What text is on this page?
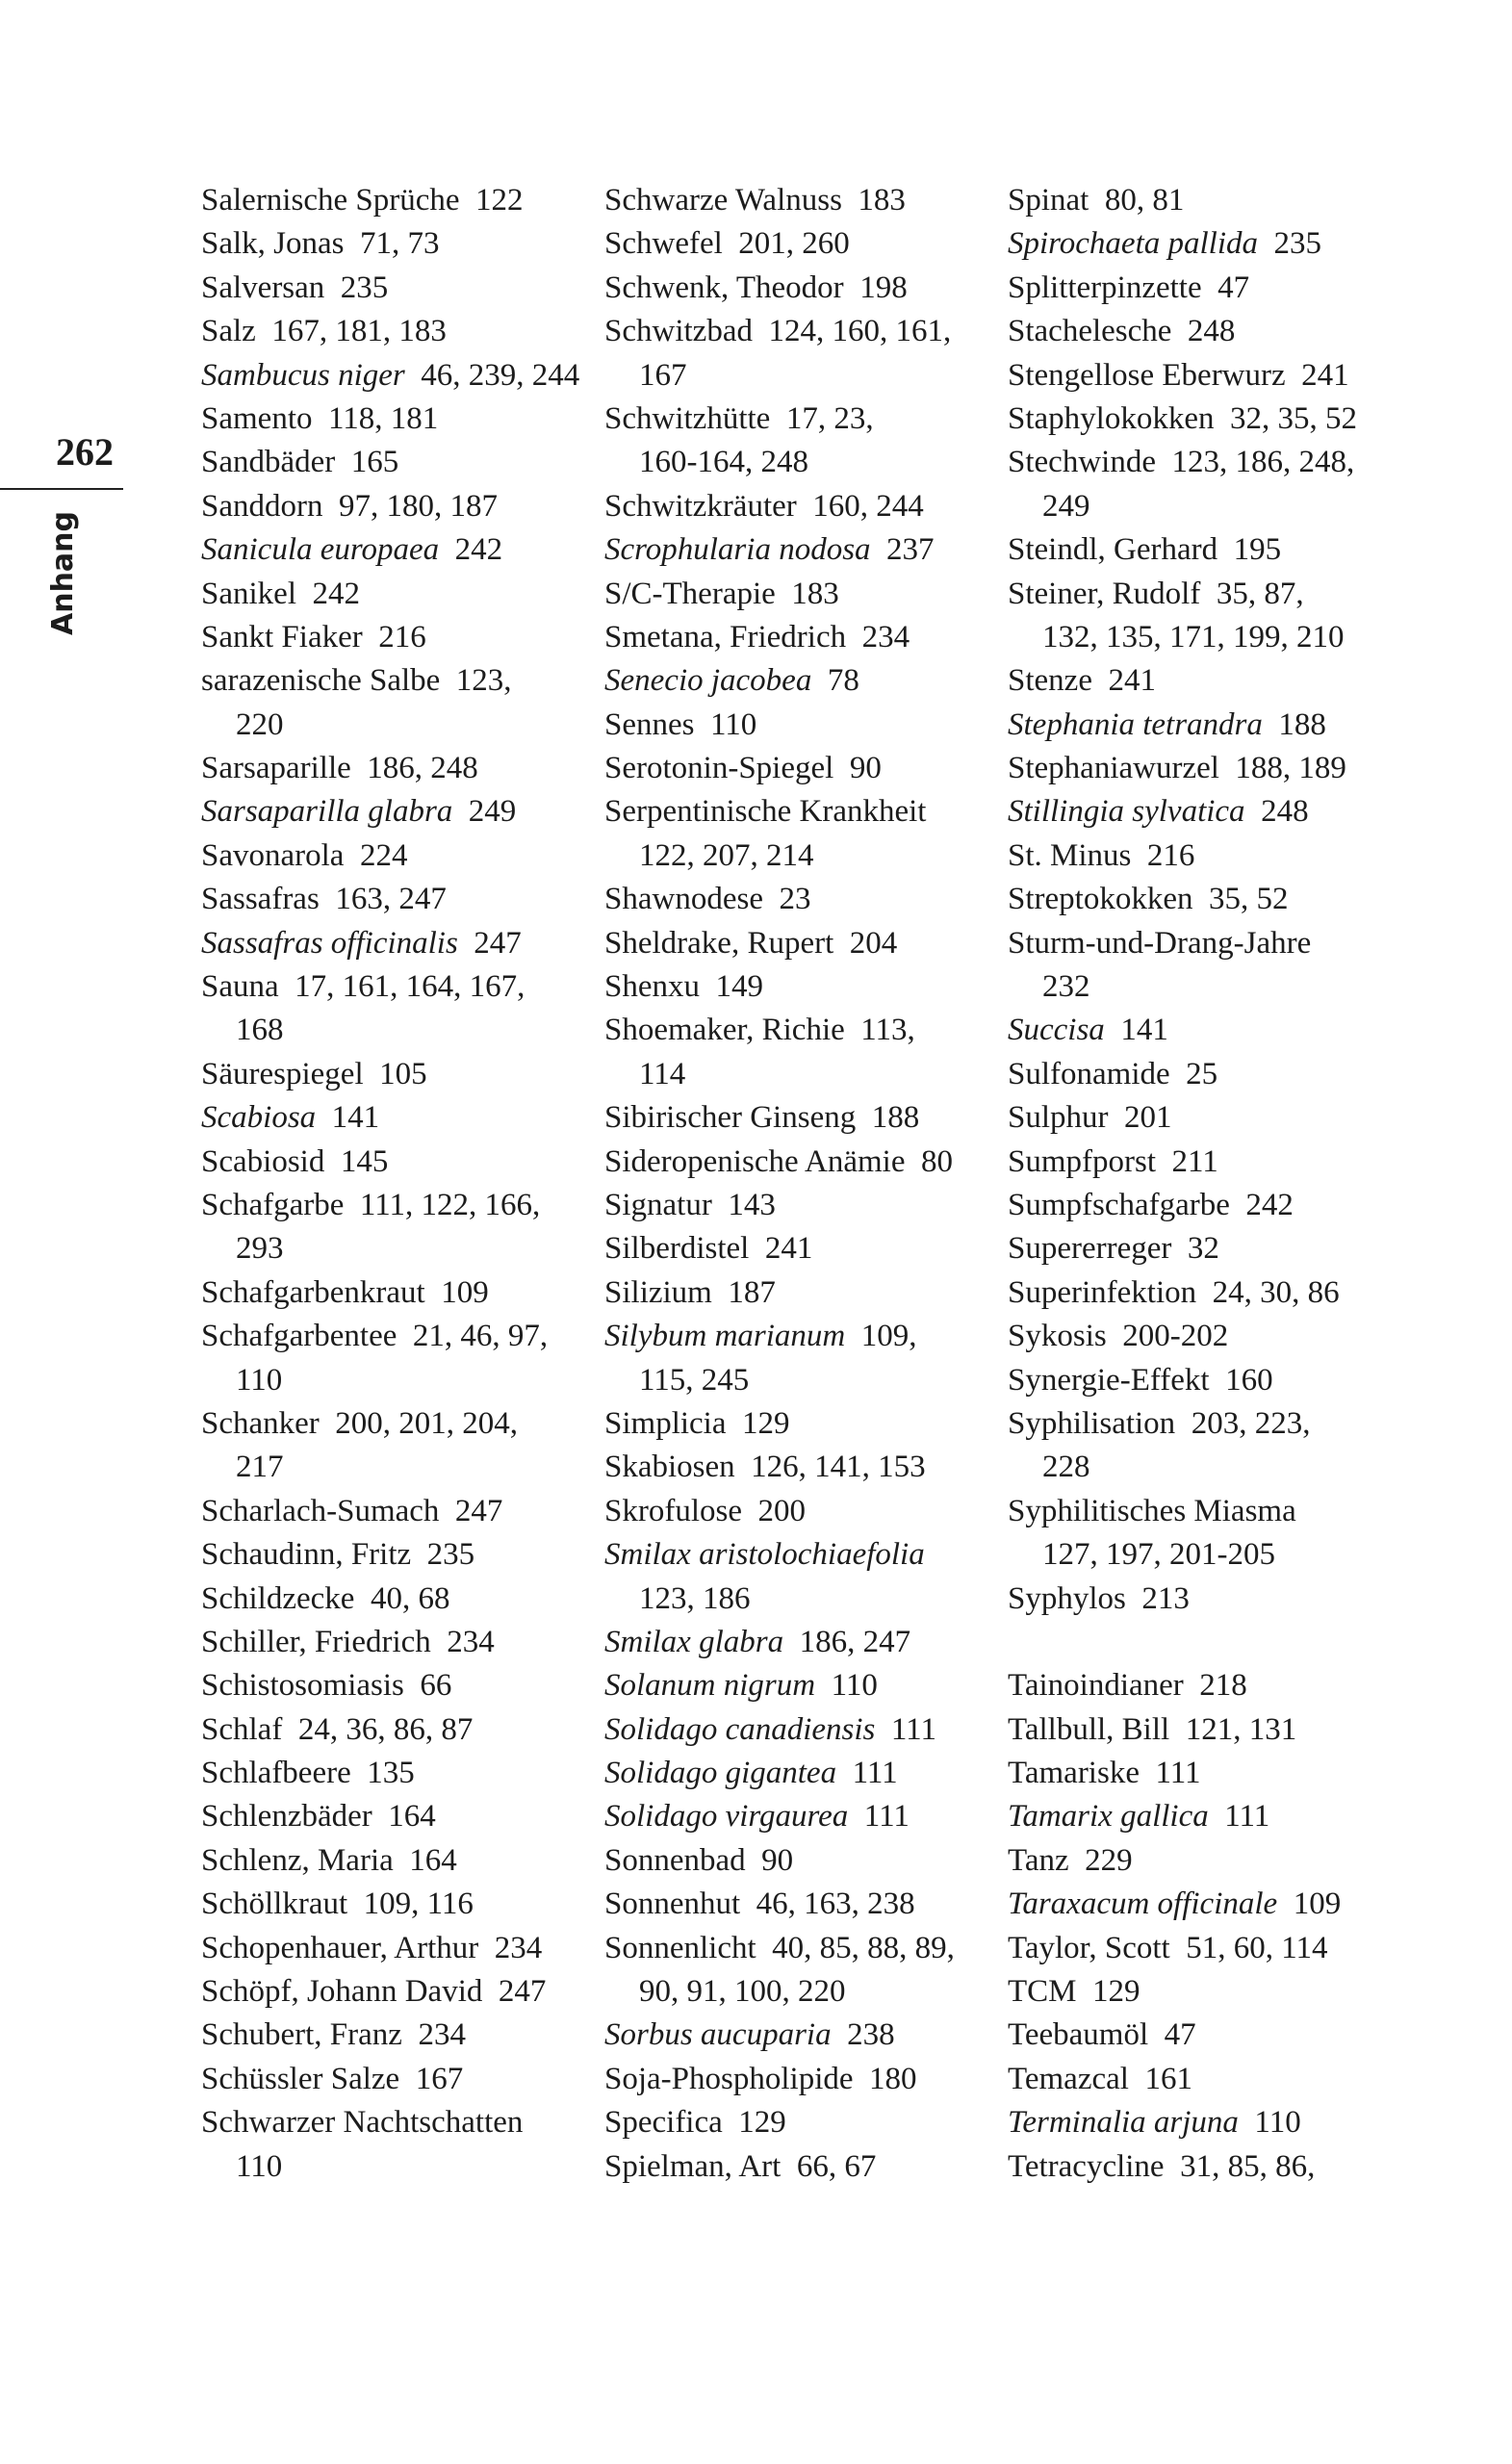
262
Anhang
Salernische Sprüche  122
Salk, Jonas  71, 73
Salversan  235
Salz  167, 181, 183
Sambucus niger  46, 239, 244
Samento  118, 181
Sandbäder  165
Sanddorn  97, 180, 187
Sanicula europaea  242
Sanikel  242
Sankt Fiaker  216
sarazenische Salbe  123,
220
Sarsaparille  186, 248
Sarsaparilla glabra  249
Savonarola  224
Sassafras  163, 247
Sassafras officinalis  247
Sauna  17, 161, 164, 167,
168
Säurespiegel  105
Scabiosa  141
Scabiosid  145
Schafgarbe  111, 122, 166,
293
Schafgarbenkraut  109
Schafgarbentee  21, 46, 97,
110
Schanker  200, 201, 204,
217
Scharlach-Sumach  247
Schaudinn, Fritz  235
Schildzecke  40, 68
Schiller, Friedrich  234
Schistosomiasis  66
Schlaf  24, 36, 86, 87
Schlafbeere  135
Schlenzbäder  164
Schlenz, Maria  164
Schöllkraut  109, 116
Schopenhauer, Arthur  234
Schöpf, Johann David  247
Schubert, Franz  234
Schüssler Salze  167
Schwarzer Nachtschatten
110
Schwarze Walnuss  183
Schwefel  201, 260
Schwenk, Theodor  198
Schwitzbad  124, 160, 161,
167
Schwitzhütte  17, 23,
160-164, 248
Schwitzkräuter  160, 244
Scrophularia nodosa  237
S/C-Therapie  183
Smetana, Friedrich  234
Senecio jacobea  78
Sennes  110
Serotonin-Spiegel  90
Serpentinische Krankheit
122, 207, 214
Shawnodese  23
Sheldrake, Rupert  204
Shenxu  149
Shoemaker, Richie  113,
114
Sibirischer Ginseng  188
Sideropenische Anämie  80
Signatur  143
Silberdistel  241
Silizium  187
Silybum marianum  109,
115, 245
Simplicia  129
Skabiosen  126, 141, 153
Skrofulose  200
Smilax aristolochiaefolia
123, 186
Smilax glabra  186, 247
Solanum nigrum  110
Solidago canadiensis  111
Solidago gigantea  111
Solidago virgaurea  111
Sonnenbad  90
Sonnenhut  46, 163, 238
Sonnenlicht  40, 85, 88, 89,
90, 91, 100, 220
Sorbus aucuparia  238
Soja-Phospholipide  180
Specifica  129
Spielman, Art  66, 67
Spinat  80, 81
Spirochaeta pallida  235
Splitterpinzette  47
Stachelesche  248
Stengellose Eberwurz  241
Staphylokokken  32, 35, 52
Stechwinde  123, 186, 248,
249
Steindl, Gerhard  195
Steiner, Rudolf  35, 87,
132, 135, 171, 199, 210
Stenze  241
Stephania tetrandra  188
Stephaniawurzel  188, 189
Stillingia sylvatica  248
St. Minus  216
Streptokokken  35, 52
Sturm-und-Drang-Jahre
232
Succisa  141
Sulfonamide  25
Sulphur  201
Sumpfporst  211
Sumpfschafgarbe  242
Supererreger  32
Superinfektion  24, 30, 86
Sykosis  200-202
Synergie-Effekt  160
Syphilisation  203, 223,
228
Syphilitisches Miasma
127, 197, 201-205
Syphylos  213
Tainoindianer  218
Tallbull, Bill  121, 131
Tamariske  111
Tamarix gallica  111
Tanz  229
Taraxacum officinale  109
Taylor, Scott  51, 60, 114
TCM  129
Teebaumöl  47
Temazcal  161
Terminalia arjuna  110
Tetracycline  31, 85, 86,
